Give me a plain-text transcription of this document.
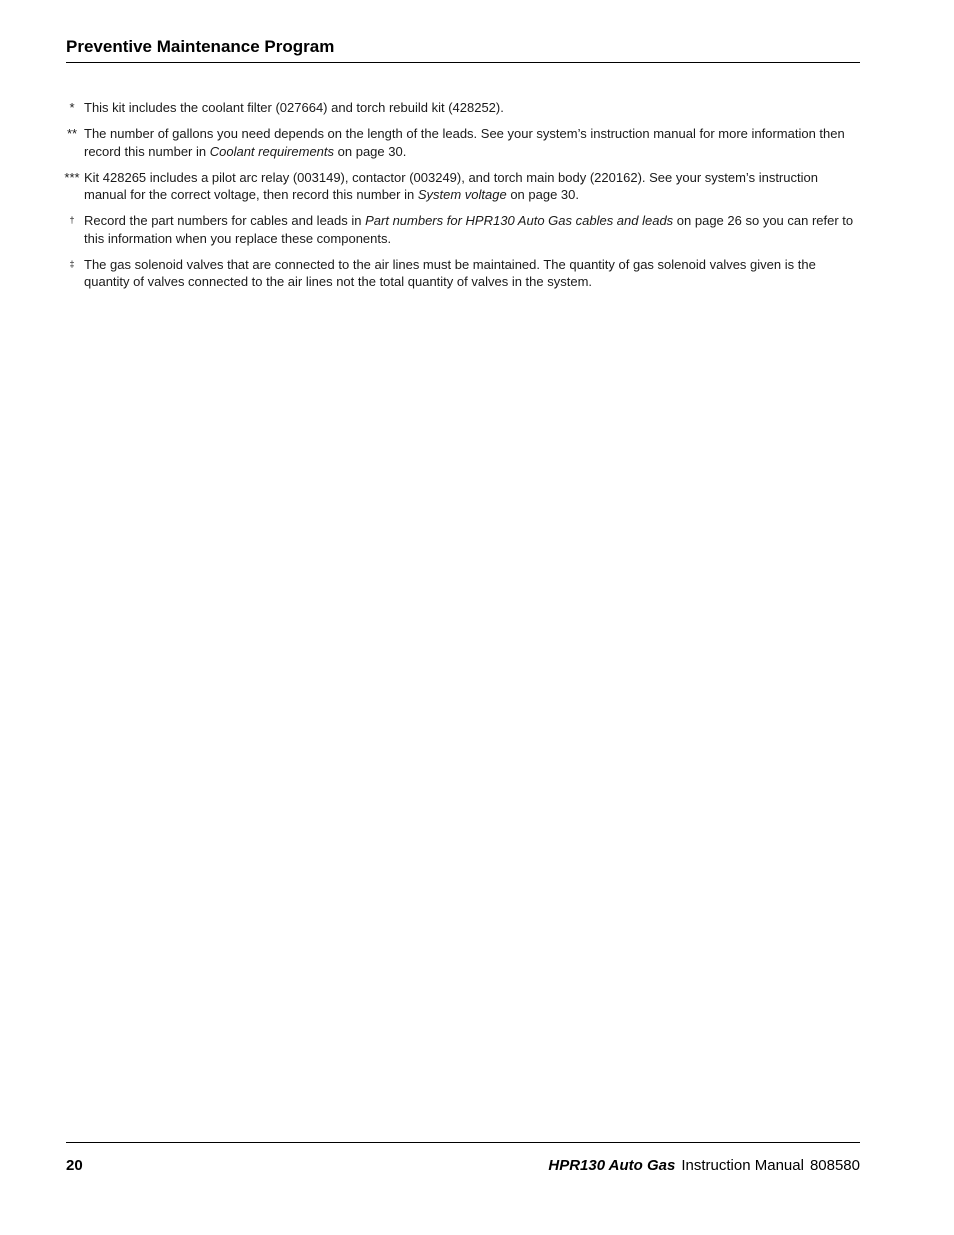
Preventive Maintenance Program
* This kit includes the coolant filter (027664) and torch rebuild kit (428252).
** The number of gallons you need depends on the length of the leads. See your system’s instruction manual for more information then record this number in Coolant requirements on page 30.
*** Kit 428265 includes a pilot arc relay (003149), contactor (003249), and torch main body (220162). See your system’s instruction manual for the correct voltage, then record this number in System voltage on page 30.
† Record the part numbers for cables and leads in Part numbers for HPR130 Auto Gas cables and leads on page 26 so you can refer to this information when you replace these components.
‡ The gas solenoid valves that are connected to the air lines must be maintained. The quantity of gas solenoid valves given is the quantity of valves connected to the air lines not the total quantity of valves in the system.
20	HPR130 Auto Gas Instruction Manual 808580
